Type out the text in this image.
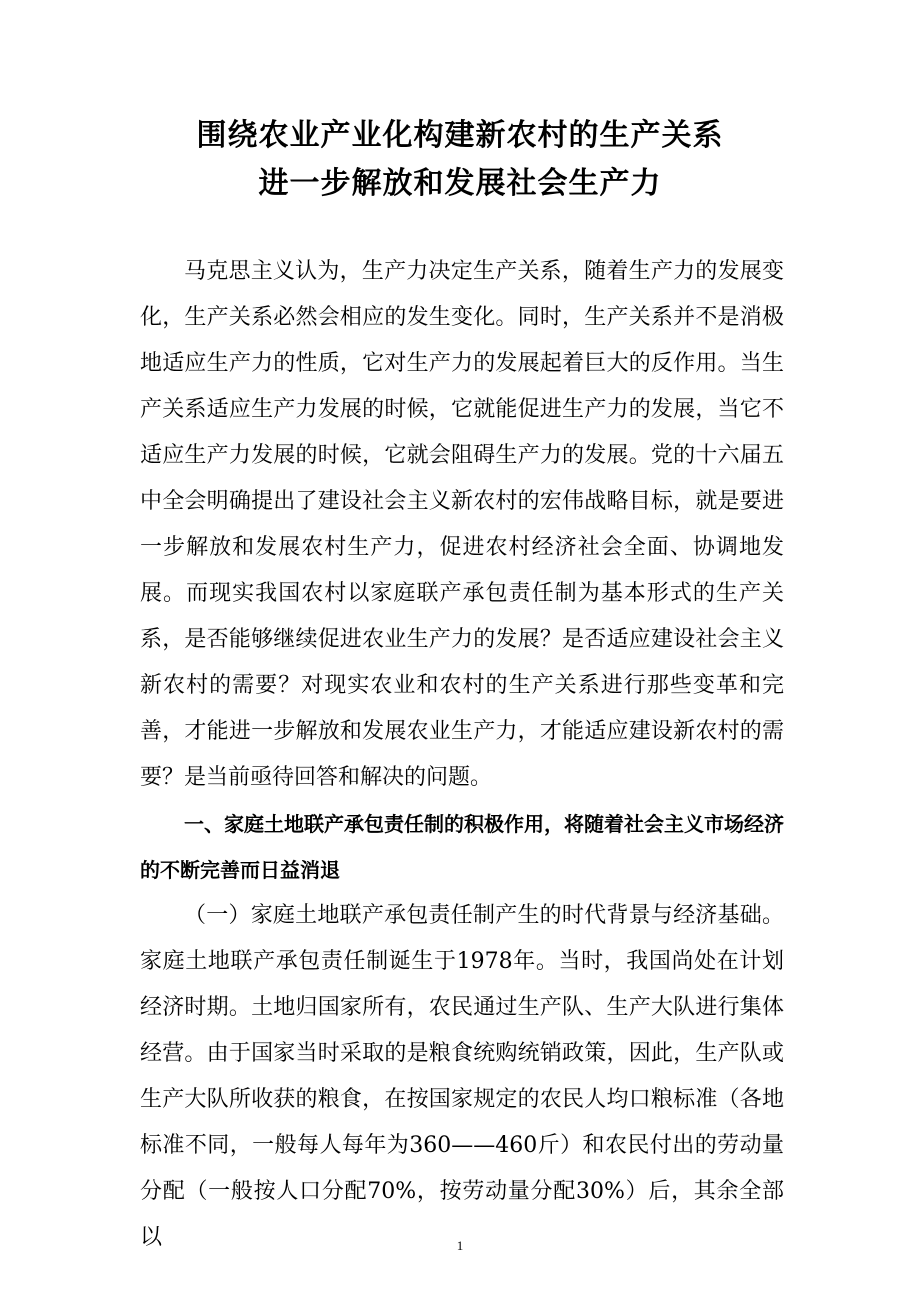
围绕农业产业化构建新农村的生产关系
进一步解放和发展社会生产力

马克思主义认为，生产力决定生产关系，随着生产力的发展变化，生产关系必然会相应的发生变化。同时，生产关系并不是消极地适应生产力的性质，它对生产力的发展起着巨大的反作用。当生产关系适应生产力发展的时候，它就能促进生产力的发展，当它不适应生产力发展的时候，它就会阻碍生产力的发展。党的十六届五中全会明确提出了建设社会主义新农村的宏伟战略目标，就是要进一步解放和发展农村生产力，促进农村经济社会全面、协调地发展。而现实我国农村以家庭联产承包责任制为基本形式的生产关系，是否能够继续促进农业生产力的发展？是否适应建设社会主义新农村的需要？对现实农业和农村的生产关系进行那些变革和完善，才能进一步解放和发展农业生产力，才能适应建设新农村的需要？是当前亟待回答和解决的问题。

一、家庭土地联产承包责任制的积极作用，将随着社会主义市场经济的不断完善而日益消退

（一）家庭土地联产承包责任制产生的时代背景与经济基础。家庭土地联产承包责任制诞生于1978年。当时，我国尚处在计划经济时期。土地归国家所有，农民通过生产队、生产大队进行集体经营。由于国家当时采取的是粮食统购统销政策，因此，生产队或生产大队所收获的粮食，在按国家规定的农民人均口粮标准（各地标准不同，一般每人每年为360——460斤）和农民付出的劳动量分配（一般按人口分配70%，按劳动量分配30%）后，其余全部以	1
